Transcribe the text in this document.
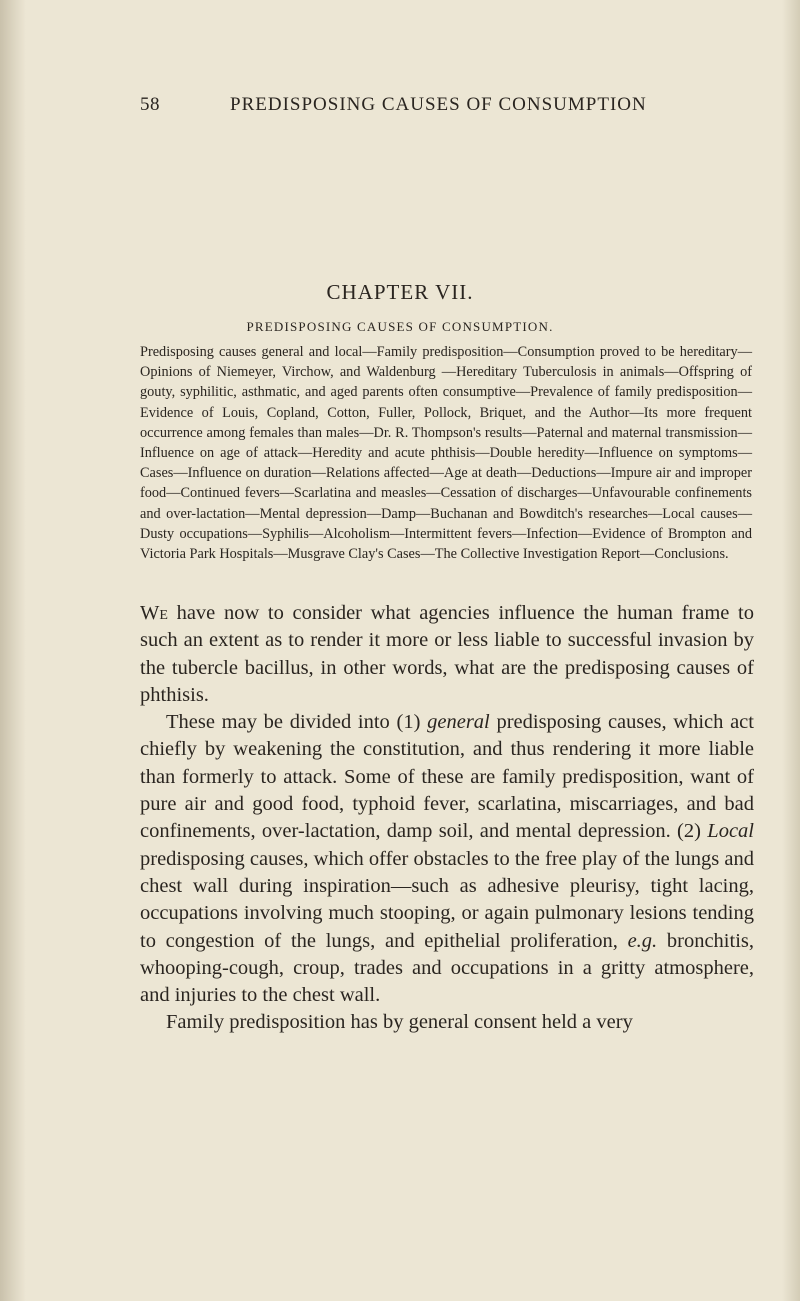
58	PREDISPOSING CAUSES OF CONSUMPTION
CHAPTER VII.
PREDISPOSING CAUSES OF CONSUMPTION.

Predisposing causes general and local—Family predisposition—Consumption proved to be hereditary—Opinions of Niemeyer, Virchow, and Waldenburg —Hereditary Tuberculosis in animals—Offspring of gouty, syphilitic, asthmatic, and aged parents often consumptive—Prevalence of family predisposition—Evidence of Louis, Copland, Cotton, Fuller, Pollock, Briquet, and the Author—Its more frequent occurrence among females than males—Dr. R. Thompson's results—Paternal and maternal transmission—Influence on age of attack—Heredity and acute phthisis—Double heredity—Influence on symptoms—Cases—Influence on duration—Relations affected—Age at death—Deductions—Impure air and improper food—Continued fevers—Scarlatina and measles—Cessation of discharges—Unfavourable confinements and over-lactation—Mental depression—Damp—Buchanan and Bowditch's researches—Local causes—Dusty occupations—Syphilis—Alcoholism—Intermittent fevers—Infection—Evidence of Brompton and Victoria Park Hospitals—Musgrave Clay's Cases—The Collective Investigation Report—Conclusions.

We have now to consider what agencies influence the human frame to such an extent as to render it more or less liable to successful invasion by the tubercle bacillus, in other words, what are the predisposing causes of phthisis.

These may be divided into (1) general predisposing causes, which act chiefly by weakening the constitution, and thus rendering it more liable than formerly to attack. Some of these are family predisposition, want of pure air and good food, typhoid fever, scarlatina, miscarriages, and bad confinements, over-lactation, damp soil, and mental depression. (2) Local predisposing causes, which offer obstacles to the free play of the lungs and chest wall during inspiration—such as adhesive pleurisy, tight lacing, occupations involving much stooping, or again pulmonary lesions tending to congestion of the lungs, and epithelial proliferation, e.g. bronchitis, whooping-cough, croup, trades and occupations in a gritty atmosphere, and injuries to the chest wall.

Family predisposition has by general consent held a very
